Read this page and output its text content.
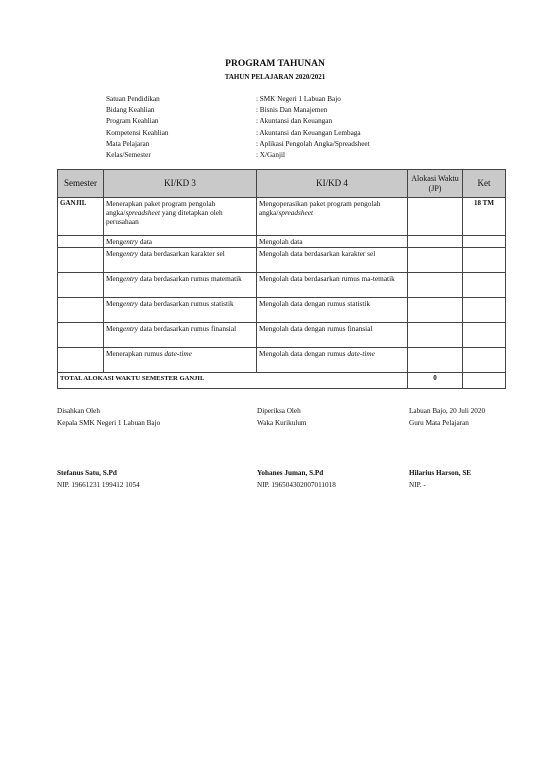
PROGRAM TAHUNAN
TAHUN PELAJARAN 2020/2021
Satuan Pendidikan	: SMK Negeri 1 Labuan Bajo
Bidang Keahlian	: Bisnis Dan Manajemen
Program Keahlian	: Akuntansi dan Keuangan
Kompetensi Keahlian	: Akuntansi dan Keuangan Lembaga
Mata Pelajaran	: Aplikasi Pengolah Angka/Spreadsheet
Kelas/Semester	: X/Ganjil
Semester	KI/KD 3	KI/KD 4	Alokasi Waktu (JP)	Ket
GANJIL	Menerapkan paket program pengolah angka/spreadsheet yang ditetapkan oleh perusahaan	Mengoperasikan paket program pengolah angka/spreadsheet		18 TM
	Mengentry data	Mengolah data		
	Mengentry data berdasarkan karakter sel	Mengolah data berdasarkan karakter sel		
	Mengentry data berdasarkan rumus matematik	Mengolah data berdasarkan rumus ma-tematik		
	Mengentry data berdasarkan rumus statistik	Mengolah data dengan rumus statistik		
	Mengentry data berdasarkan rumus finansial	Mengolah data dengan rumus finansial		
	Menerapkan rumus date-time	Mengolah data dengan rumus date-time		
TOTAL ALOKASI WAKTU SEMESTER GANJIL			0	
Disahkan Oleh
Kepala SMK Negeri 1 Labuan Bajo
Stefanus Satu, S.Pd
NIP. 19661231 199412 1054
Diperiksa Oleh
Waka Kurikulum
Yohanes Juman, S.Pd
NIP. 196504302007011018
Labuan Bajo, 20 Juli 2020
Guru Mata Pelajaran
Hilarius Harson, SE
NIP. -
